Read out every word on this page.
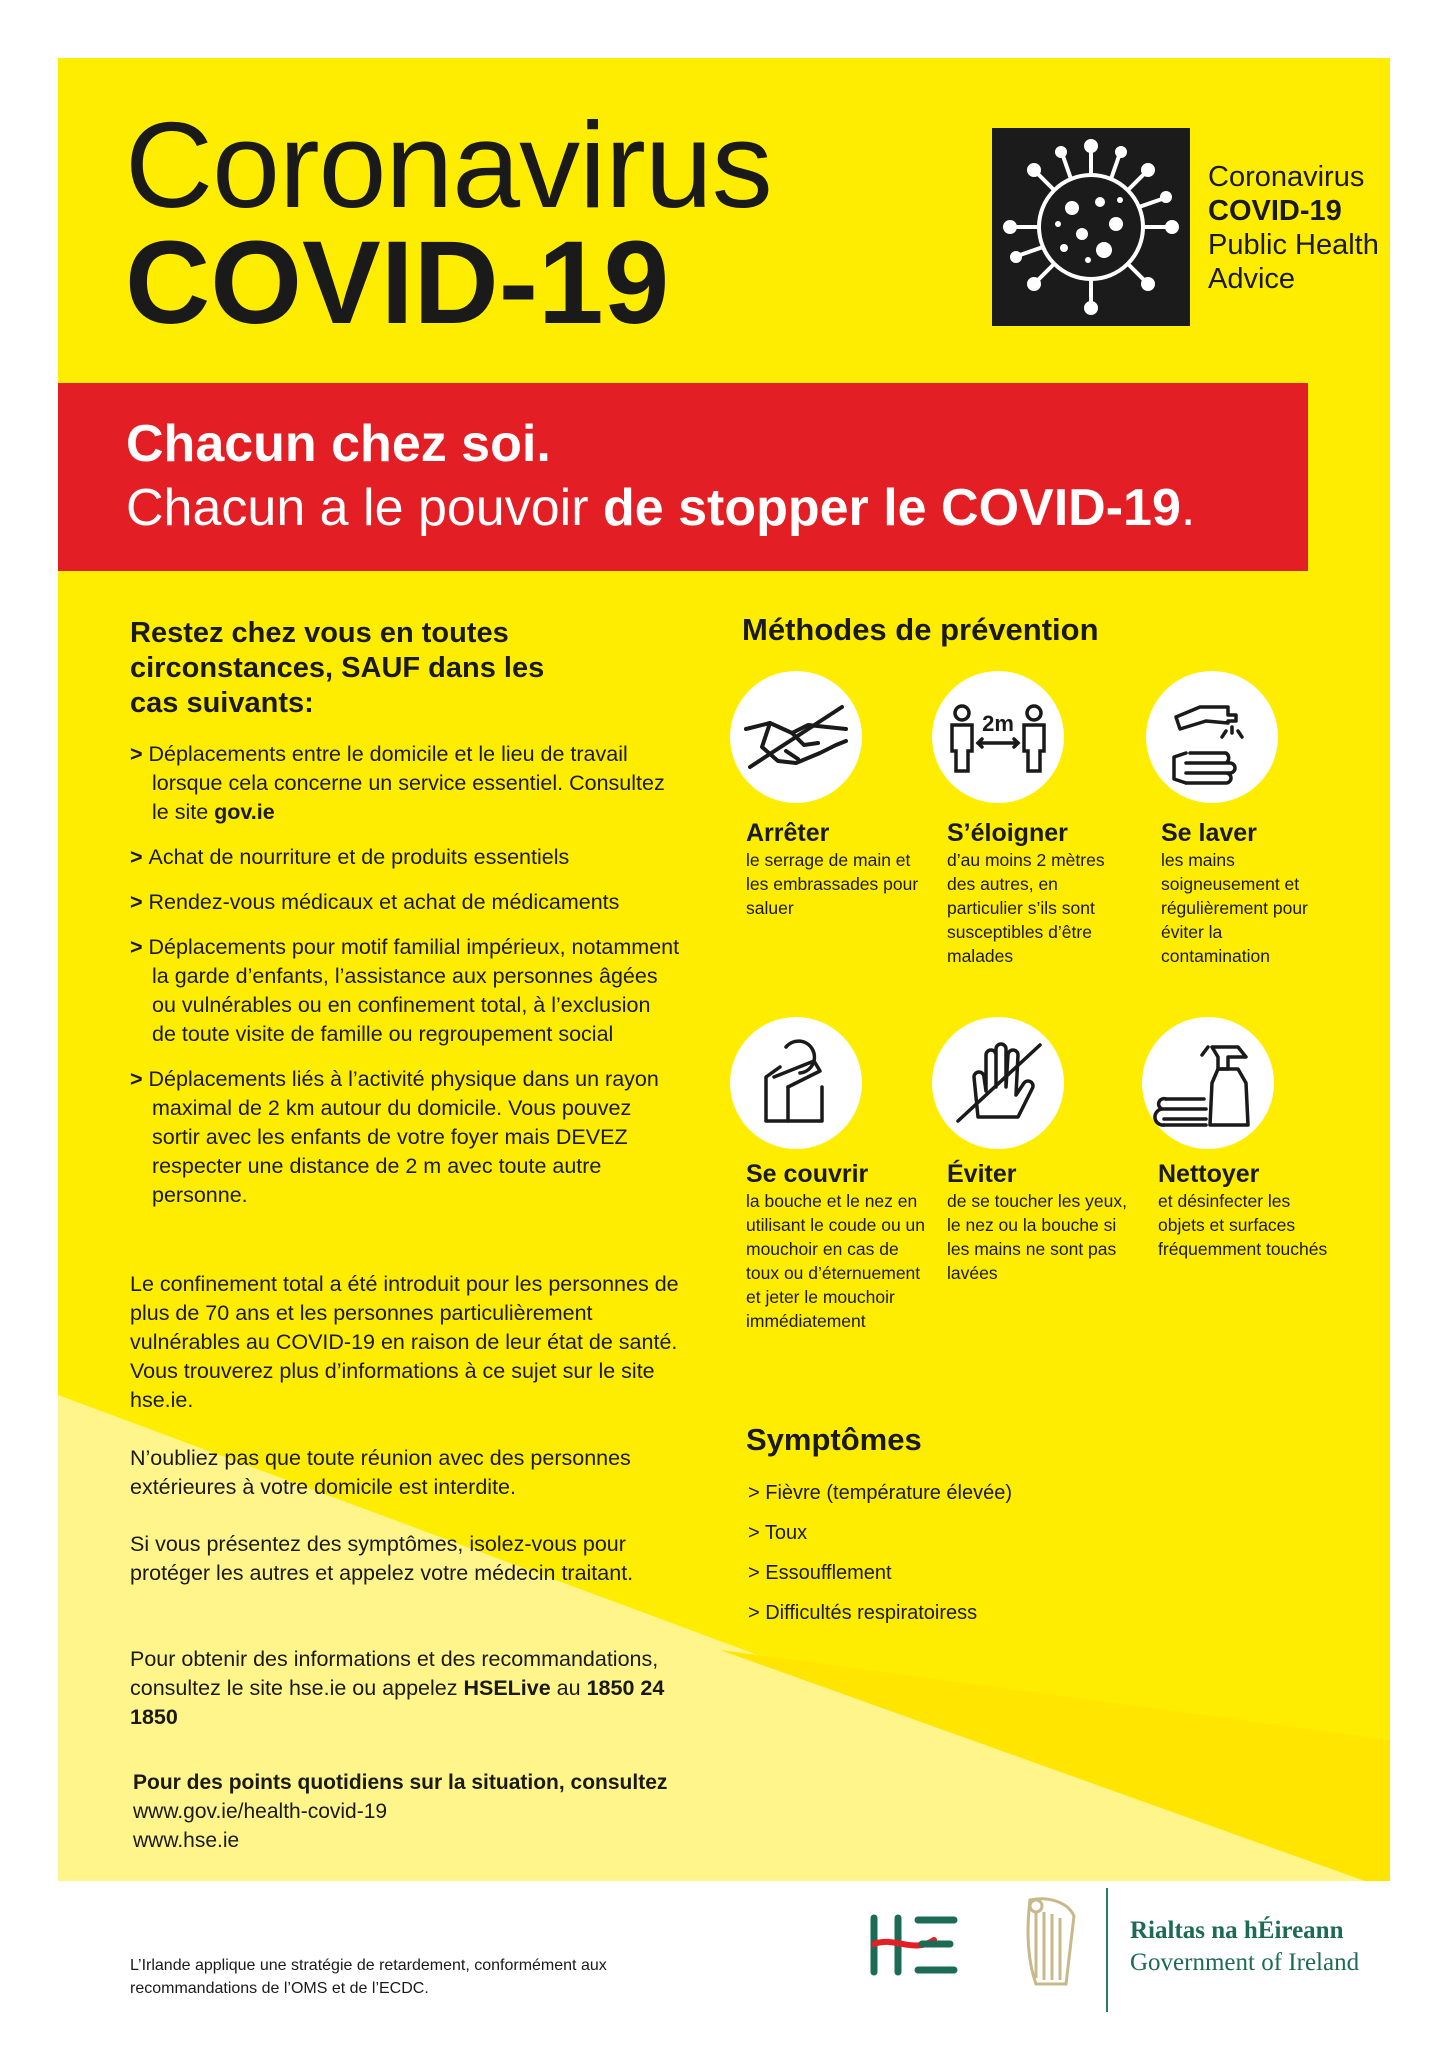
Coronavirus
COVID-19
Coronavirus
COVID-19
Public Health
Advice
Chacun chez soi.
Chacun a le pouvoir de stopper le COVID-19.
Restez chez vous en toutes circonstances, SAUF dans les cas suivants:
> Déplacements entre le domicile et le lieu de travail lorsque cela concerne un service essentiel. Consultez le site gov.ie
> Achat de nourriture et de produits essentiels
> Rendez-vous médicaux et achat de médicaments
> Déplacements pour motif familial impérieux, notamment la garde d’enfants, l’assistance aux personnes âgées ou vulnérables ou en confinement total, à l’exclusion de toute visite de famille ou regroupement social
> Déplacements liés à l’activité physique dans un rayon maximal de 2 km autour du domicile. Vous pouvez sortir avec les enfants de votre foyer mais DEVEZ respecter une distance de 2 m avec toute autre personne.
Le confinement total a été introduit pour les personnes de plus de 70 ans et les personnes particulièrement vulnérables au COVID-19 en raison de leur état de santé. Vous trouverez plus d’informations à ce sujet sur le site hse.ie.
N’oubliez pas que toute réunion avec des personnes extérieures à votre domicile est interdite.
Si vous présentez des symptômes, isolez-vous pour protéger les autres et appelez votre médecin traitant.
Pour obtenir des informations et des recommandations, consultez le site hse.ie ou appelez HSELive au 1850 24 1850
Pour des points quotidiens sur la situation, consultez
www.gov.ie/health-covid-19
www.hse.ie
L’Irlande applique une stratégie de retardement, conformément aux recommandations de l’OMS et de l’ECDC.
Méthodes de prévention
2m
Arrêter
le serrage de main et les embrassades pour saluer
S’éloigner
d’au moins 2 mètres des autres, en particulier s’ils sont susceptibles d’être malades
Se laver
les mains soigneusement et régulièrement pour éviter la contamination
Se couvrir
la bouche et le nez en utilisant le coude ou un mouchoir en cas de toux ou d’éternuement et jeter le mouchoir immédiatement
Éviter
de se toucher les yeux, le nez ou la bouche si les mains ne sont pas lavées
Nettoyer
et désinfecter les objets et surfaces fréquemment touchés
Symptômes
> Fièvre (température élevée)
> Toux
> Essoufflement
> Difficultés respiratoiress
Rialtas na hÉireann
Government of Ireland
